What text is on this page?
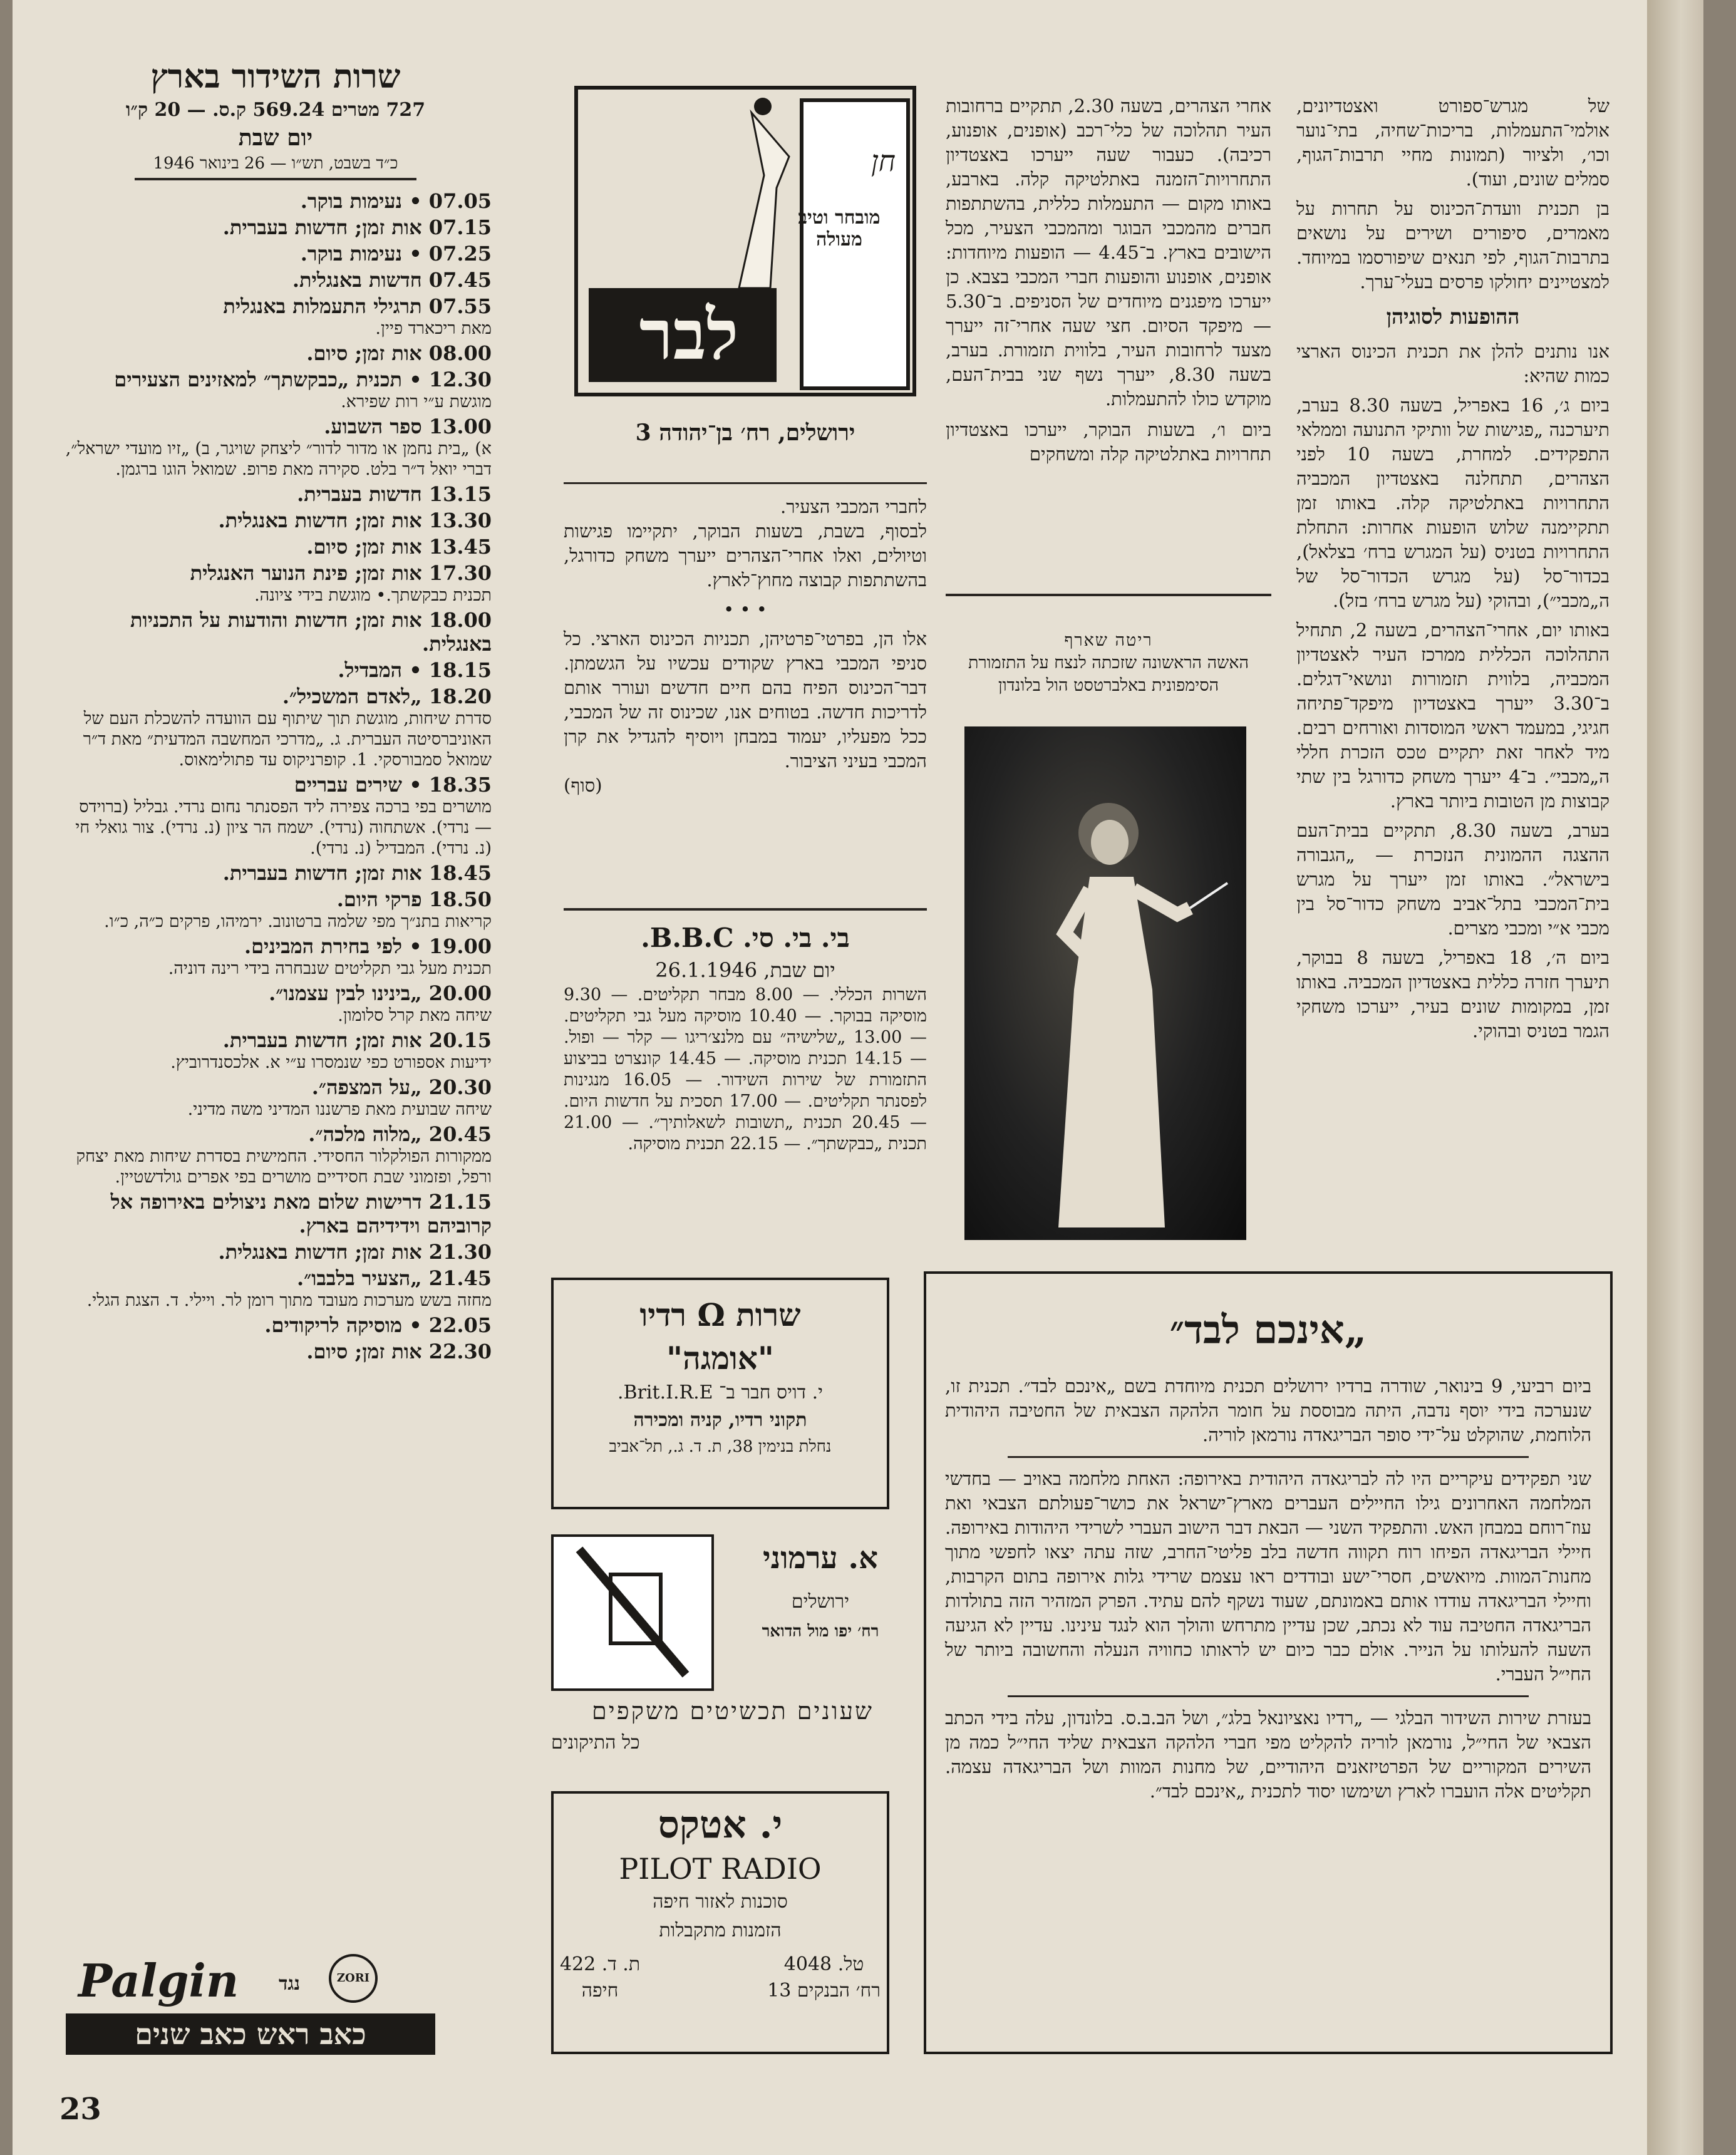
של מגרש־ספורט ואצטדיונים, אולמי־התעמלות, בריכות־שחיה, בתי־נוער וכו׳, ולציור (תמונות מחיי תרבות־הגוף, סמלים שונים, ועוד).

בן תכנית וועדת־הכינוס על תחרות על מאמרים, סיפורים ושירים על נושאים בתרבות־הגוף, לפי תנאים שיפורסמו במיוחד. למצטיינים יחולקו פרסים בעלי־ערך.

ההופעות לסוגיהן

אנו נותנים להלן את תכנית הכינוס הארצי כמות שהיא:

ביום ג׳, 16 באפריל, בשעה 8.30 בערב, תיערכנה „פגישות של וותיקי התנועה וממלאי התפקידים. למחרת, בשעה 10 לפני הצהרים, תתחלנה באצטדיון המכביה התחרויות באתלטיקה קלה. באותו זמן תתקיימנה שלוש הופעות אחרות: התחלת התחרויות בטניס (על המגרש ברח׳ בצלאל), בכדור־סל (על מגרש הכדור־סל של ה„מכבי״), ובהוקי (על מגרש ברח׳ בזל).

באותו יום, אחרי־הצהרים, בשעה 2, תתחיל התהלוכה הכללית ממרכז העיר לאצטדיון המכביה, בלווית תזמורות ונושאי־דגלים. ב־3.30 ייערך באצטדיון מיפקד־פתיחה חגיגי, במעמד ראשי המוסדות ואורחים רבים. מיד לאחר זאת יתקיים טכס הזכרת חללי ה„מכבי״. ב־4 ייערך משחק כדורגל בין שתי קבוצות מן הטובות ביותר בארץ.

בערב, בשעה 8.30, תתקיים בבית־העם ההצגה ההמונית הנזכרת — „הגבורה בישראל״. באותו זמן ייערך על מגרש בית־המכבי בתל־אביב משחק כדור־סל בין מכבי א״י ומכבי מצרים.

ביום ה׳, 18 באפריל, בשעה 8 בבוקר, תיערך חזרה כללית באצטדיון המכביה. באותו זמן, במקומות שונים בעיר, ייערכו משחקי הגמר בטניס ובהוקי.

אחרי הצהרים, בשעה 2.30, תתקיים ברחובות העיר תהלוכה של כלי־רכב (אופנים, אופנוע, רכיבה). כעבור שעה ייערכו באצטדיון התחרויות־הזמנה באתלטיקה קלה. בארבע, באותו מקום — התעמלות כללית, בהשתתפות חברים מהמכבי הבוגר ומהמכבי הצעיר, מכל הישובים בארץ. ב־4.45 — הופעות מיוחדות: אופנים, אופנוע והופעות חברי המכבי בצבא. כן ייערכו מיפגנים מיוחדים של הסניפים. ב־5.30 — מיפקד הסיום. חצי שעה אחרי־זה ייערך מצעד לרחובות העיר, בלווית תזמורת. בערב, בשעה 8.30, ייערך נשף שני בבית־העם, מוקדש כולו להתעמלות.

ביום ו׳, בשעות הבוקר, ייערכו באצטדיון תחרויות באתלטיקה קלה ומשחקים

ריטה שארף

האשה הראשונה שזכתה לנצח על התזמורת הסימפונית באלברטסט הול בלונדון

חן
מובחר וטיב מעולה
לבר
ירושלים, רח׳ בן־יהודה 3

לחברי המכבי הצעיר.

לבסוף, בשבת, בשעות הבוקר, יתקיימו פגישות וטיולים, ואלו אחרי־הצהרים ייערך משחק כדורגל, בהשתתפות קבוצה מחוץ־לארץ.

• • •

אלו הן, בפרטי־פרטיהן, תכניות הכינוס הארצי. כל סניפי המכבי בארץ שקודים עכשיו על הגשמתן. דבר־הכינוס הפיח בהם חיים חדשים ועורר אותם לדריכות חדשה. בטוחים אנו, שכינוס זה של המכבי, ככל מפעליו, יעמוד במבחן ויוסיף להגדיל את קרן המכבי בעיני הציבור.

(סוף)

בי. בי. סי. B.B.C.

יום שבת, 26.1.1946

השרות הכללי. — 8.00 מבחר תקליטים. — 9.30 מוסיקה בבוקר. — 10.40 מוסיקה מעל גבי תקליטים. — 13.00 „שלישיה״ עם מלנצ׳ריגו — קלר — ופול. — 14.15 תכנית מוסיקה. — 14.45 קונצרט בביצוע התזמורת של שירות השידור. — 16.05 מנגינות לפסנתר תקליטים. — 17.00 תסכית על חדשות היום. — 20.45 תכנית „תשובות לשאלותיך״. — 21.00 תכנית „כבקשתך״. — 22.15 תכנית מוסיקה.

שרות Ω רדיו

"אומגה"

י. דויס חבר ב־ Brit.I.R.E.

תקוני רדיו, קניה ומכירה

נחלת בנימין 38, ת. ד. ג., תל־אביב

א. ערמוני

ירושלים

רח׳ יפו מול הדואר

שעונים תכשיטים משקפים

כל התיקונים

י. אטקס

PILOT RADIO

סוכנות לאזור חיפה

הזמנות מתקבלות

טל. 4048

רח׳ הבנקים 13

ת. ד. 422

חיפה

„אינכם לבד״

ביום רביעי, 9 בינואר, שודרה ברדיו ירושלים תכנית מיוחדת בשם „אינכם לבד״. תכנית זו, שנערכה בידי יוסף נדבה, היתה מבוססת על חומר הלהקה הצבאית של החטיבה היהודית הלוחמת, שהוקלט על־ידי סופר הבריגאדה נורמאן לוריה.

שני תפקידים עיקריים היו לה לבריגאדה היהודית באירופה: האחת מלחמה באויב — בחדשי המלחמה האחרונים גילו החיילים העברים מארץ־ישראל את כושר־פעולתם הצבאי ואת עוז־רוחם במבחן האש. והתפקיד השני — הבאת דבר הישוב העברי לשרידי היהודות באירופה. חיילי הבריגאדה הפיחו רוח תקווה חדשה בלב פליטי־החרב, שזה עתה יצאו לחפשי מתוך מחנות־המוות. מיואשים, חסרי־ישע ובודדים ראו עצמם שרידי גלות אירופה בתום הקרבות, וחיילי הבריגאדה עודדו אותם באמונתם, שעוד נשקף להם עתיד. הפרק המזהיר הזה בתולדות הבריגאדה החטיבה עוד לא נכתב, שכן עדיין מתרחש והולך הוא לנגד עינינו. עדיין לא הגיעה השעה להעלותו על הנייר. אולם כבר כיום יש לראותו כחוויה הנעלה והחשובה ביותר של החי״ל העברי.

בעזרת שירות השידור הבלגי — „רדיו נאציונאל בלג״, ושל הב.ב.ס. בלונדון, עלה בידי הכתב הצבאי של החי״ל, נורמאן לוריה להקליט מפי חברי הלהקה הצבאית שליד החי״ל כמה מן השירים המקוריים של הפרטיזאנים היהודיים, של מחנות המוות ושל הבריגאדה עצמה. תקליטים אלה הועברו לארץ ושימשו יסוד לתכנית „אינכם לבד״.

שרות השידור בארץ

727 מטרים 569.24 ק.ס. — 20 ק״ו

יום שבת

כ״ד בשבט, תש״ו — 26 בינואר 1946

07.05 • נעימות בוקר.

07.15 אות זמן; חדשות בעברית.

07.25 • נעימות בוקר.

07.45 חדשות באנגלית.

07.55 תרגילי התעמלות באנגלית

מאת ריכארד פיין.

08.00 אות זמן; סיום.

12.30 • תכנית „כבקשתך״ למאזינים הצעירים

מוגשת ע״י רות שפירא.

13.00 ספר השבוע.

א) „בית נחמן או מדור לדור״ ליצחק שויגר, ב) „זיו מועדי ישראל״, דברי יואל ד״ר בלט. סקירה מאת פרופ. שמואל הוגו ברגמן.

13.15 חדשות בעברית.

13.30 אות זמן; חדשות באנגלית.

13.45 אות זמן; סיום.

17.30 אות זמן; פינת הנוער האנגלית

תכנית כבקשתך.• מוגשת בידי ציונה.

18.00 אות זמן; חדשות והודעות על התכניות באנגלית.

18.15 • המבדיל.

18.20 „לאדם המשכיל״.

סדרת שיחות, מוגשת תוך שיתוף עם הוועדה להשכלת העם של האוניברסיטה העברית. ג. „מדרכי המחשבה המדעית״ מאת ד״ר שמואל סמבורסקי. 1. קופרניקוס עד פתולימאוס.

18.35 • שירים עבריים

מושרים בפי ברכה צפירה ליד הפסנתר נחום נרדי. גבליל (ברוידס — נרדי). אשתחוה (נרדי). ישמח הר ציון (נ. נרדי). צור גואלי חי (נ. נרדי). המבדיל (נ. נרדי).

18.45 אות זמן; חדשות בעברית.

18.50 פרקי היום.

קריאות בתנ״ך מפי שלמה ברטונוב. ירמיהו, פרקים כ״ה, כ״ו.

19.00 • לפי בחירת המבינים.

תכנית מעל גבי תקליטים שנבחרה בידי רינה דוניה.

20.00 „בינינו לבין עצמנו״.

שיחה מאת קרל סלומון.

20.15 אות זמן; חדשות בעברית.

ידיעות אספורט כפי שנמסרו ע״י א. אלכסנדרוביץ.

20.30 „על המצפה״.

שיחה שבועית מאת פרשננו המדיני משה מדיני.

20.45 „מלוה מלכה״.

ממקורות הפולקלור החסידי. החמישית בסדרת שיחות מאת יצחק ורפל, ופזמוני שבת חסידיים מושרים בפי אפרים גולדשטיין.

21.15 דרישות שלום מאת ניצולים באירופה אל קרוביהם וידידיהם בארץ.

21.30 אות זמן; חדשות באנגלית.

21.45 „הצעיר בלבבו״.

מחזה בשש מערכות מעובד מתוך רומן לר. ויילי. ד. הצגת הגלי.

22.05 • מוסיקה לריקודים.

22.30 אות זמן; סיום.

Palgin נגד	ZORI
כאב ראש כאב שנים
23
